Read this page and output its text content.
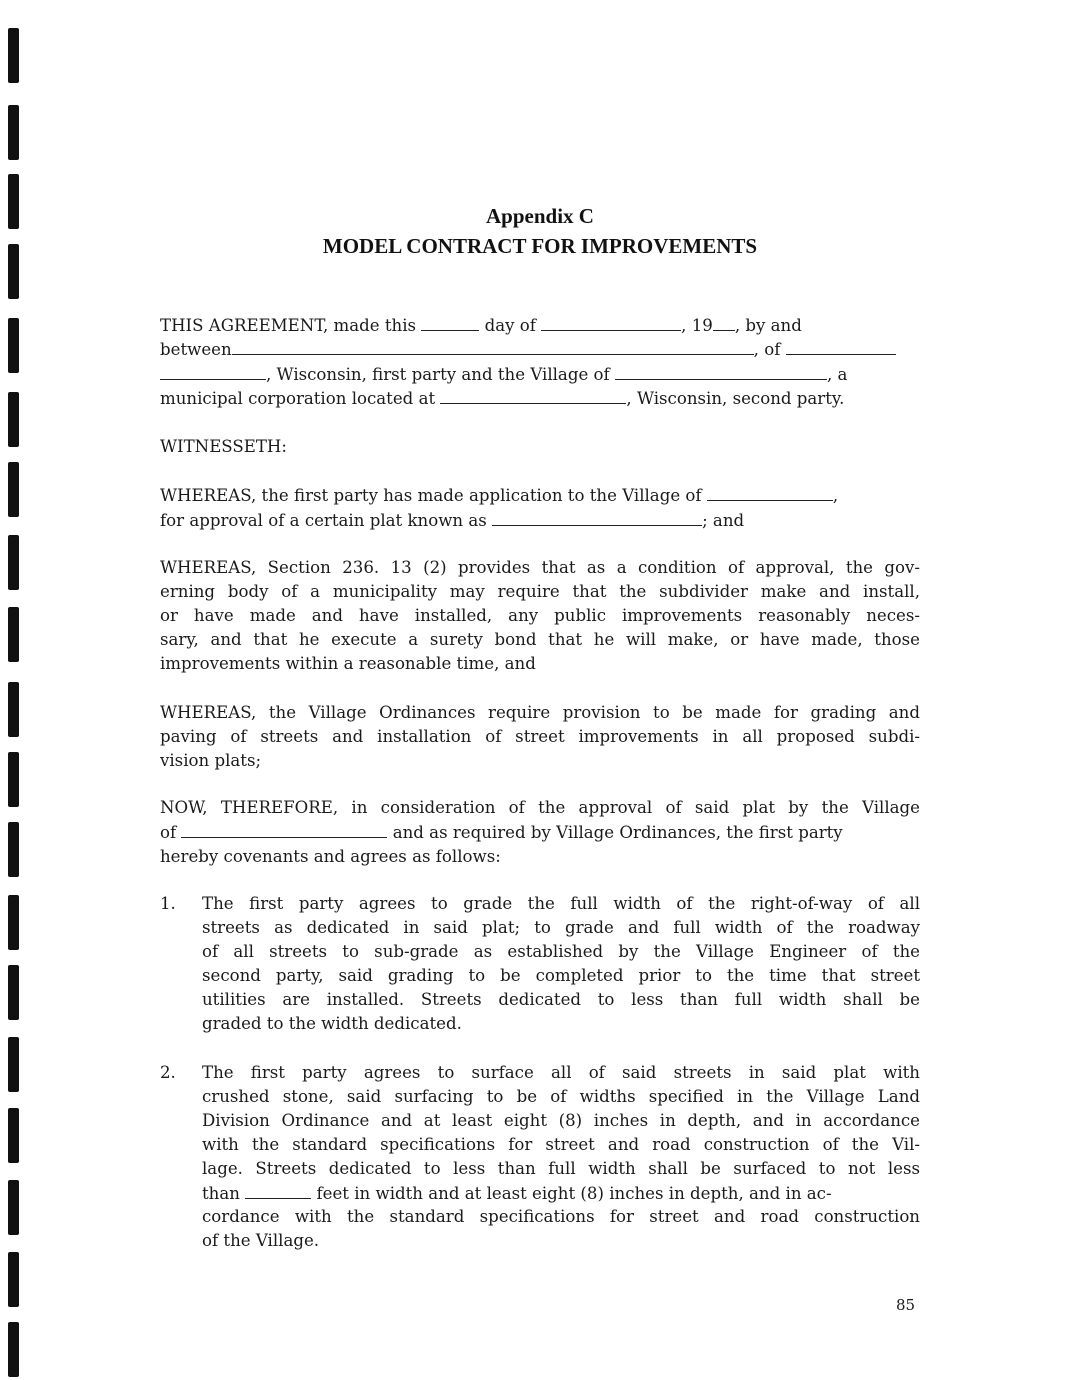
Appendix C
MODEL CONTRACT FOR IMPROVEMENTS
THIS AGREEMENT, made this	day of	, 19 , by and
between	, of
, Wisconsin, first party and the Village of	, a
municipal corporation located at	, Wisconsin, second party.
WITNESSETH:
WHEREAS, the first party has made application to the Village of	,
for approval of a certain plat known as	; and
WHEREAS, Section 236. 13 (2) provides that as a condition of approval, the gov-
erning body of a municipality may require that the subdivider make and install,
or have made and have installed, any public improvements reasonably neces-
sary, and that he execute a surety bond that he will make, or have made, those
improvements within a reasonable time, and
WHEREAS, the Village Ordinances require provision to be made for grading and
paving of streets and installation of street improvements in all proposed subdi-
vision plats;
NOW, THEREFORE, in consideration of the approval of said plat by the Village
of	and as required by Village Ordinances, the first party
hereby covenants and agrees as follows:
1. The first party agrees to grade the full width of the right-of-way of all
streets as dedicated in said plat; to grade and full width of the roadway
of all streets to sub-grade as established by the Village Engineer of the
second party, said grading to be completed prior to the time that street
utilities are installed. Streets dedicated to less than full width shall be
graded to the width dedicated.
2. The first party agrees to surface all of said streets in said plat with
crushed stone, said surfacing to be of widths specified in the Village Land
Division Ordinance and at least eight (8) inches in depth, and in accordance
with the standard specifications for street and road construction of the Vil-
lage. Streets dedicated to less than full width shall be surfaced to not less
than	feet in width and at least eight (8) inches in depth, and in ac-
cordance with the standard specifications for street and road construction
of the Village.
85
